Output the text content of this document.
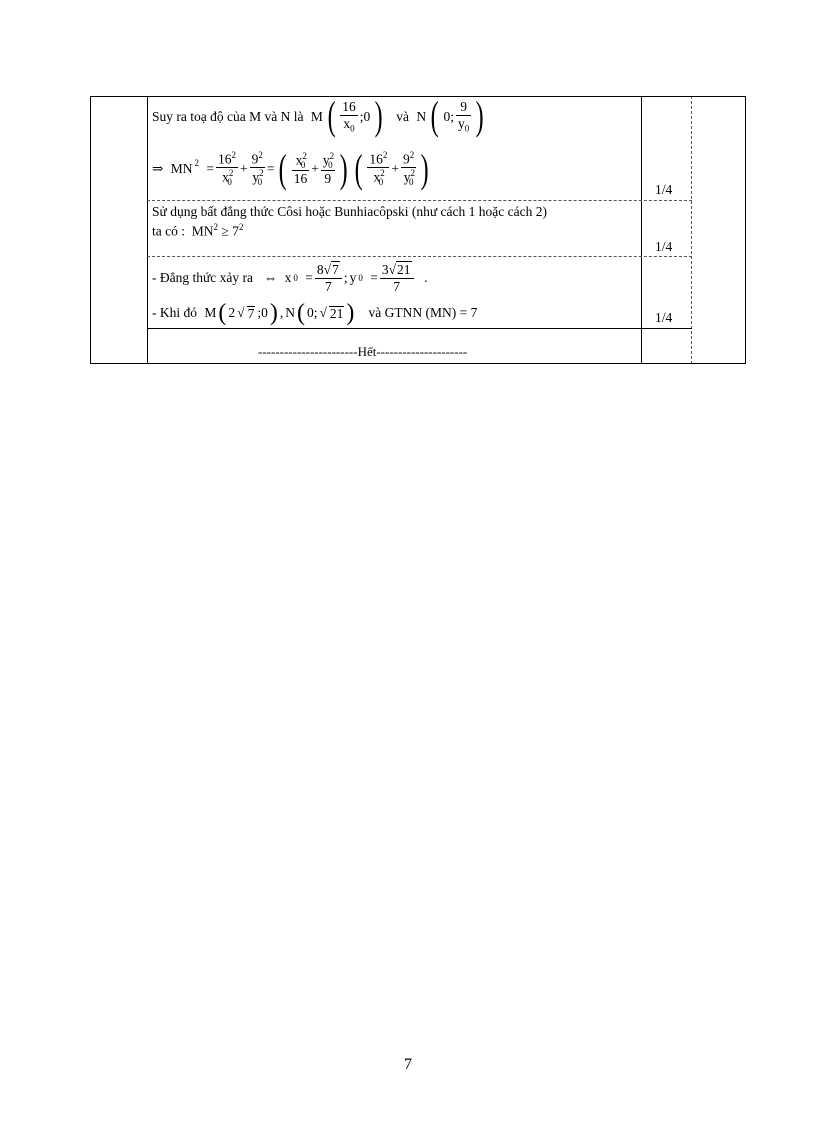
Suy ra toạ độ của M và N là
M ( $\frac{16}{x_0}$ ;0 )
và
N ( 0; $\frac{9}{y_0}$ )
⇒
$MN^2$
= $\frac{16^2}{x^2_0} + \frac{9^2}{y^2_0}$ = ( $\frac{x^2_0}{16} + \frac{y^2_0}{9}$ ) ( $\frac{16^2}{x^2_0} + \frac{9^2}{y^2_0}$ )	1/4
Sử dụng bất đẳng thức Côsi hoặc Bunhiacôpski (như cách 1 hoặc cách 2)
ta có : $MN^2 \ge 7^2$
1/4
- Đẳng thức xảy ra
⇔
x 0
= $\frac{8√7}{7}$ ; y 0
= $\frac{3√21}{7}$
.
- Khi đó
M ( 2 √ 7 ;0 ) , N ( 0; √ 21 )
và GTNN (MN) = 7	1/4
-----------------------Hết---------------------
7
